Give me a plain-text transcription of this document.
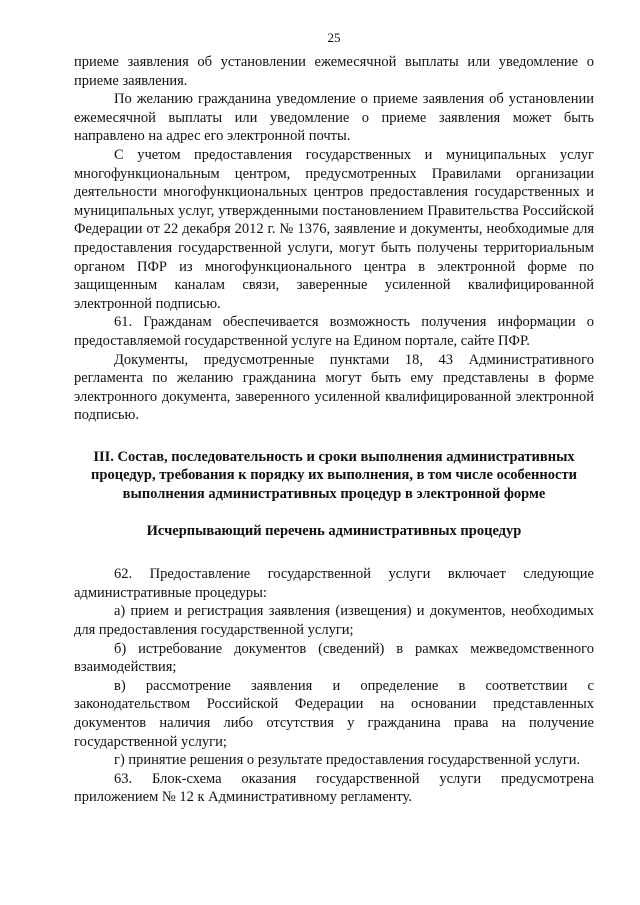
25

приеме заявления об установлении ежемесячной выплаты или уведомление о приеме заявления.

По желанию гражданина уведомление о приеме заявления об установлении ежемесячной выплаты или уведомление о приеме заявления может быть направлено на адрес его электронной почты.

С учетом предоставления государственных и муниципальных услуг многофункциональным центром, предусмотренных Правилами организации деятельности многофункциональных центров предоставления государственных и муниципальных услуг, утвержденными постановлением Правительства Российской Федерации от 22 декабря 2012 г. № 1376, заявление и документы, необходимые для предоставления государственной услуги, могут быть получены территориальным органом ПФР из многофункционального центра в электронной форме по защищенным каналам связи, заверенные усиленной квалифицированной электронной подписью.

61. Гражданам обеспечивается возможность получения информации о предоставляемой государственной услуге на Едином портале, сайте ПФР.

Документы, предусмотренные пунктами 18, 43 Административного регламента по желанию гражданина могут быть ему представлены в форме электронного документа, заверенного усиленной квалифицированной электронной подписью.

III. Состав, последовательность и сроки выполнения административных процедур, требования к порядку их выполнения, в том числе особенности выполнения административных процедур в электронной форме
Исчерпывающий перечень административных процедур

62. Предоставление государственной услуги включает следующие административные процедуры:

а) прием и регистрация заявления (извещения) и документов, необходимых для предоставления государственной услуги;

б) истребование документов (сведений) в рамках межведомственного взаимодействия;

в) рассмотрение заявления и определение в соответствии с законодательством Российской Федерации на основании представленных документов наличия либо отсутствия у гражданина права на получение государственной услуги;

г) принятие решения о результате предоставления государственной услуги.

63. Блок-схема оказания государственной услуги предусмотрена приложением № 12 к Административному регламенту.
